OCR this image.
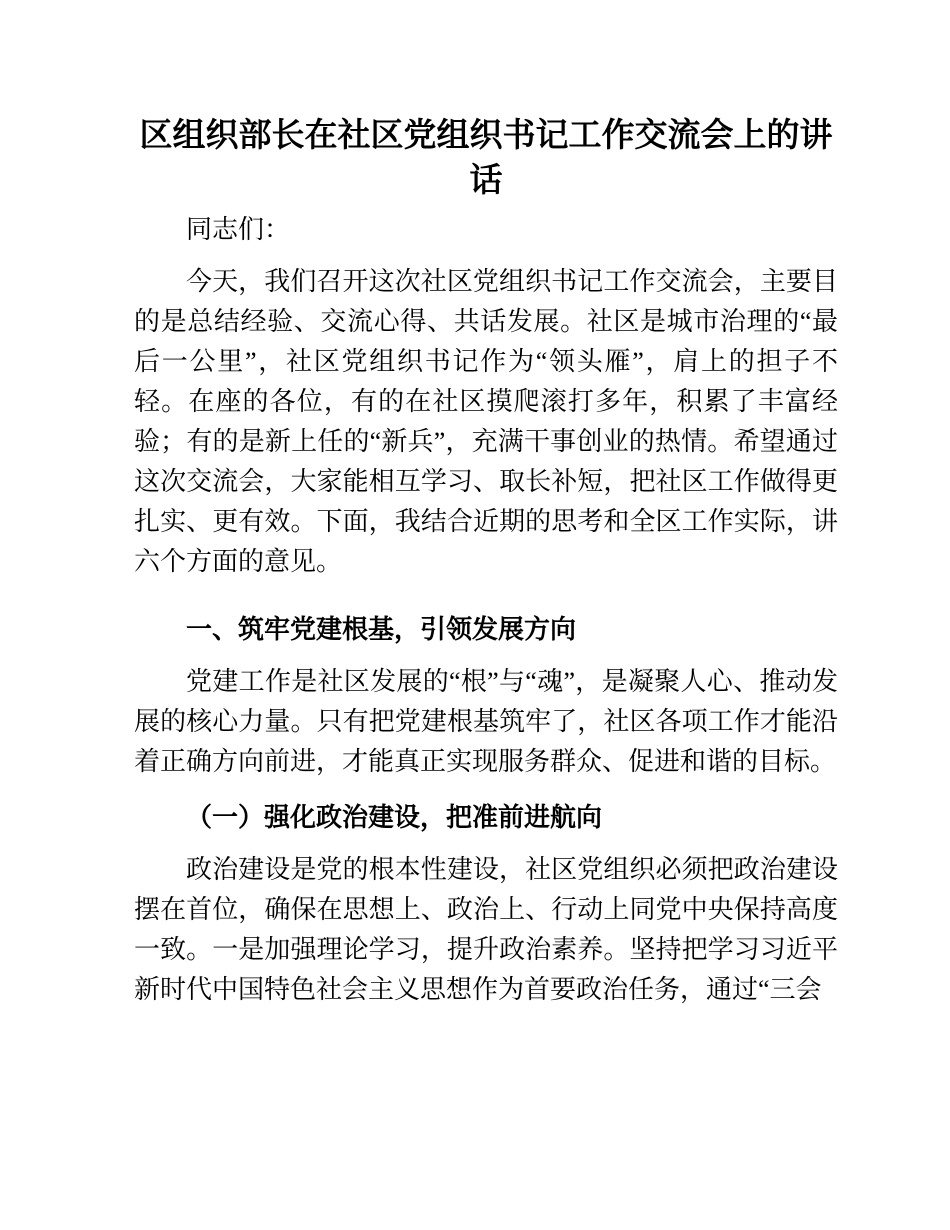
区组织部长在社区党组织书记工作交流会上的讲话

同志们：

今天，我们召开这次社区党组织书记工作交流会，主要目的是总结经验、交流心得、共话发展。社区是城市治理的“最后一公里”，社区党组织书记作为“领头雁”，肩上的担子不轻。在座的各位，有的在社区摸爬滚打多年，积累了丰富经验；有的是新上任的“新兵”，充满干事创业的热情。希望通过这次交流会，大家能相互学习、取长补短，把社区工作做得更扎实、更有效。下面，我结合近期的思考和全区工作实际，讲六个方面的意见。

一、筑牢党建根基，引领发展方向

党建工作是社区发展的“根”与“魂”，是凝聚人心、推动发展的核心力量。只有把党建根基筑牢了，社区各项工作才能沿着正确方向前进，才能真正实现服务群众、促进和谐的目标。

（一）强化政治建设，把准前进航向

政治建设是党的根本性建设，社区党组织必须把政治建设摆在首位，确保在思想上、政治上、行动上同党中央保持高度一致。一是加强理论学习，提升政治素养。坚持把学习习近平新时代中国特色社会主义思想作为首要政治任务，通过“三会
